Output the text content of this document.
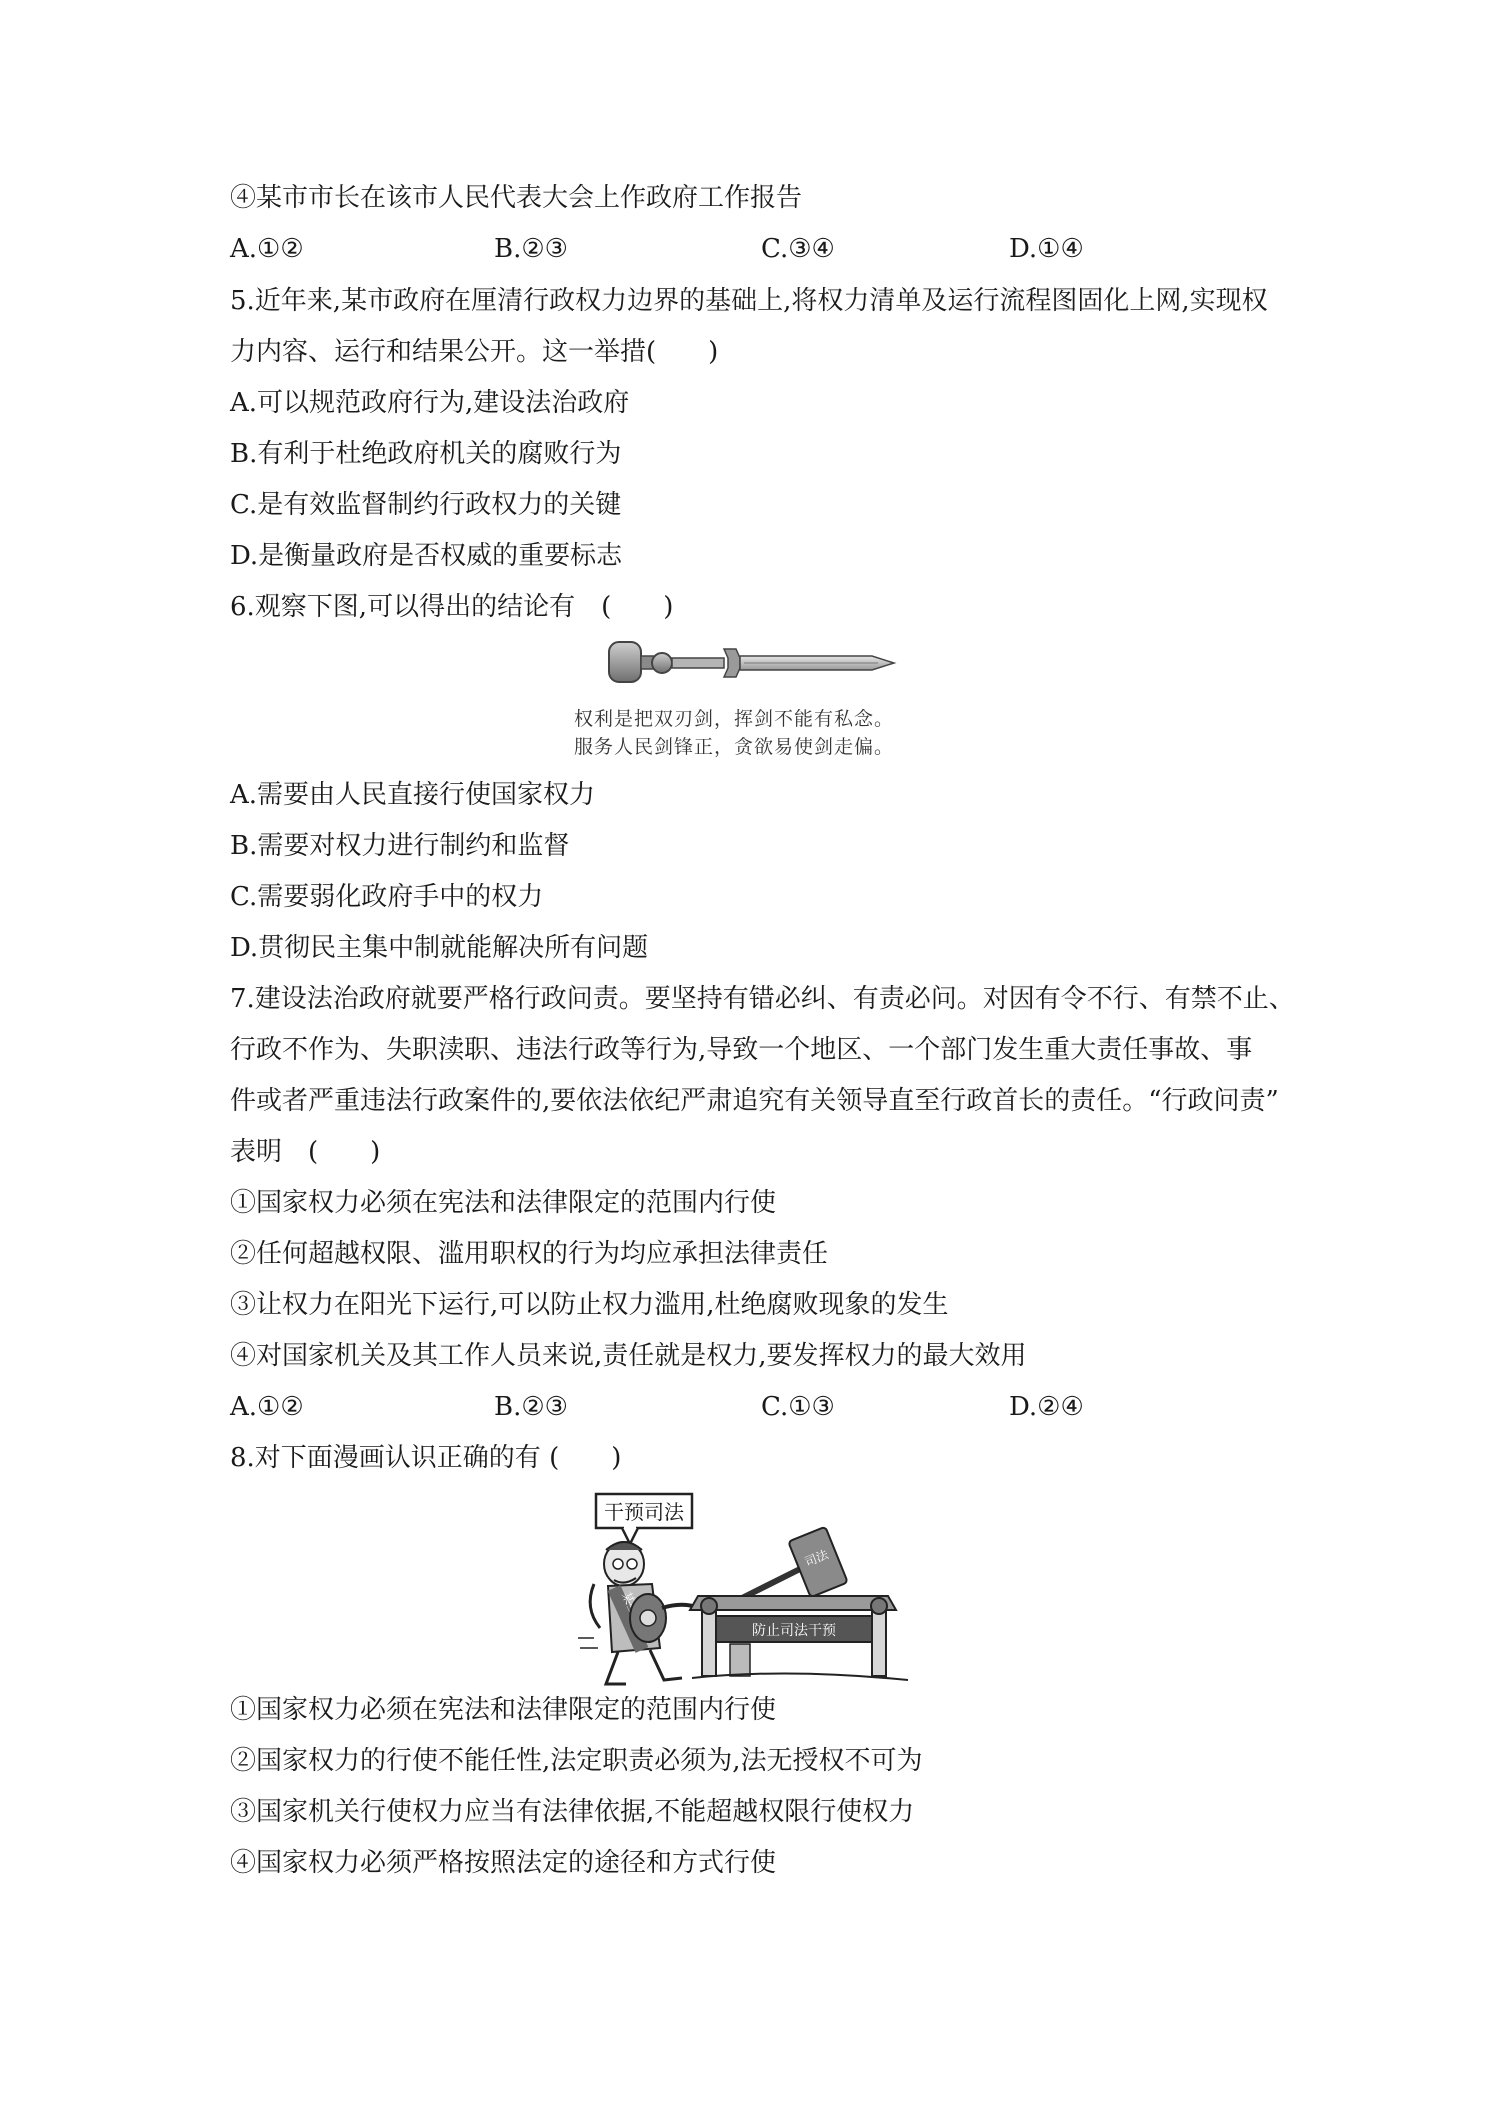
④某市市长在该市人民代表大会上作政府工作报告
A.①②	B.②③	C.③④	D.①④
5.近年来,某市政府在厘清行政权力边界的基础上,将权力清单及运行流程图固化上网,实现权
力内容、运行和结果公开。这一举措(　　)
A.可以规范政府行为,建设法治政府
B.有利于杜绝政府机关的腐败行为
C.是有效监督制约行政权力的关键
D.是衡量政府是否权威的重要标志
6.观察下图,可以得出的结论有　(　　)
权利是把双刃剑，挥剑不能有私念。
服务人民剑锋正，贪欲易使剑走偏。
A.需要由人民直接行使国家权力
B.需要对权力进行制约和监督
C.需要弱化政府手中的权力
D.贯彻民主集中制就能解决所有问题
7.建设法治政府就要严格行政问责。要坚持有错必纠、有责必问。对因有令不行、有禁不止、
行政不作为、失职渎职、违法行政等行为,导致一个地区、一个部门发生重大责任事故、事
件或者严重违法行政案件的,要依法依纪严肃追究有关领导直至行政首长的责任。“行政问责”
表明　(　　)
①国家权力必须在宪法和法律限定的范围内行使
②任何超越权限、滥用职权的行为均应承担法律责任
③让权力在阳光下运行,可以防止权力滥用,杜绝腐败现象的发生
④对国家机关及其工作人员来说,责任就是权力,要发挥权力的最大效用
A.①②	B.②③	C.①③	D.②④
8.对下面漫画认识正确的有 (　　)
干预司法
司法
防止司法干预
①国家权力必须在宪法和法律限定的范围内行使
②国家权力的行使不能任性,法定职责必须为,法无授权不可为
③国家机关行使权力应当有法律依据,不能超越权限行使权力
④国家权力必须严格按照法定的途径和方式行使
